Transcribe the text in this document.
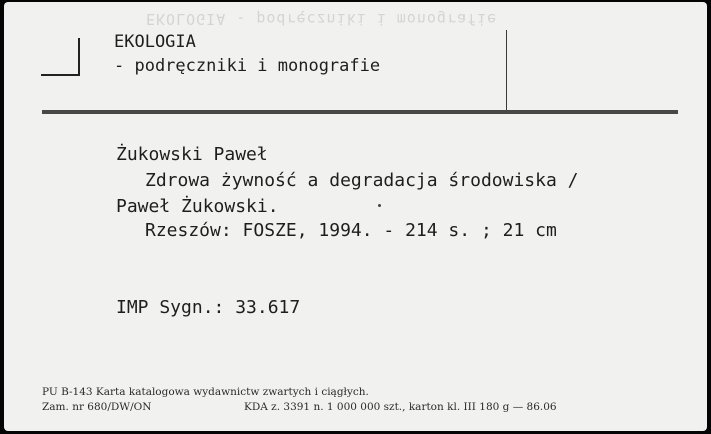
EKOLOGIA - podręczniki i monografie
EKOLOGIA
- podręczniki i monografie
Żukowski Paweł
Zdrowa żywność a degradacja środowiska /
Paweł Żukowski.
Rzeszów: FOSZE, 1994. - 214 s. ; 21 cm
IMP Sygn.: 33.617
PU B-143 Karta katalogowa wydawnictw zwartych i ciągłych.
Zam. nr 680/DW/ON	KDA z. 3391 n. 1 000 000 szt., karton kl. III 180 g — 86.06
